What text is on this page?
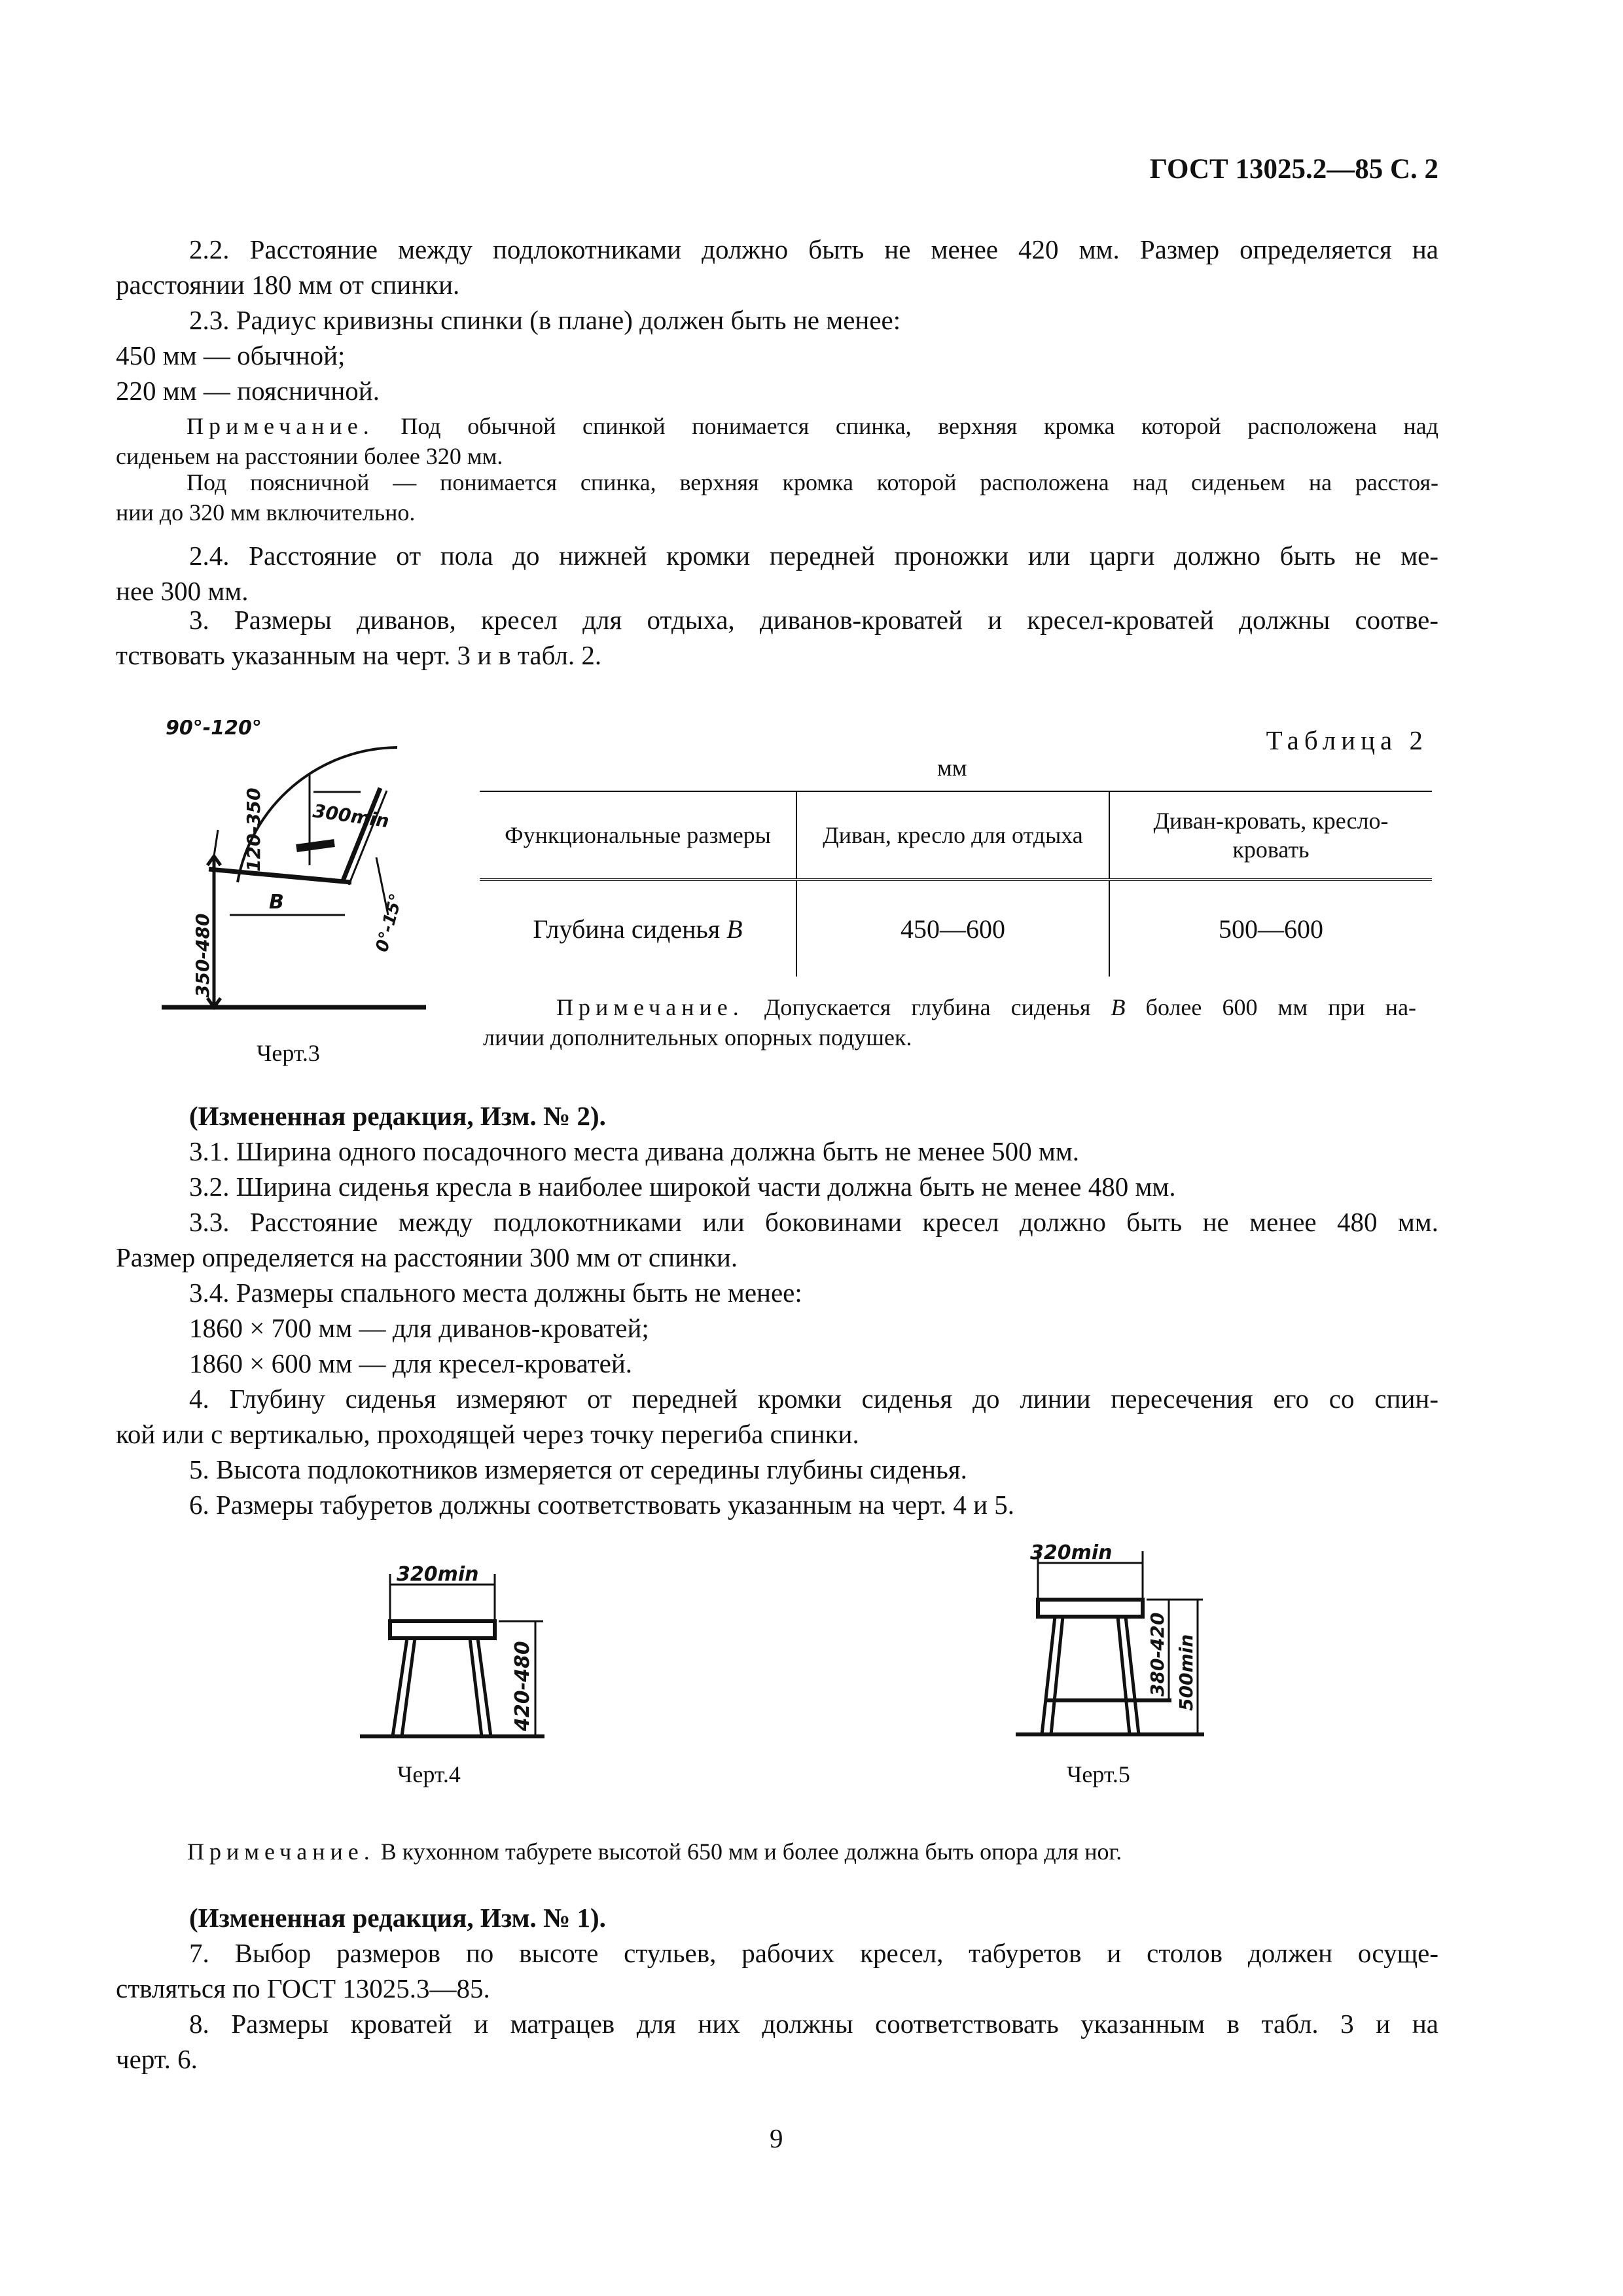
ГОСТ 13025.2—85 С. 2

2.2. Расстояние между подлокотниками должно быть не менее 420 мм. Размер определяется на

расстоянии 180 мм от спинки.

2.3. Радиус кривизны спинки (в плане) должен быть не менее:

450 мм — обычной;

220 мм — поясничной.

Примечание. Под обычной спинкой понимается спинка, верхняя кромка которой расположена над

сиденьем на расстоянии более 320 мм.

Под поясничной — понимается спинка, верхняя кромка которой расположена над сиденьем на расстоя-

нии до 320 мм включительно.

2.4. Расстояние от пола до нижней кромки передней проножки или царги должно быть не ме-

нее 300 мм.

3. Размеры диванов, кресел для отдыха, диванов-кроватей и кресел-кроватей должны соотве-

тствовать указанным на черт. 3 и в табл. 2.

90°-120°
120-350	300min
350-480
B	0°-15°

Черт.3

Таблица 2

мм

Функциональные размеры	Диван, кресло для отдыха	Диван-кровать, кресло-кровать
Глубина сиденья В	450—600	500—600

Примечание. Допускается глубина сиденья В более 600 мм при на-

личии дополнительных опорных подушек.

(Измененная редакция, Изм. № 2).

3.1. Ширина одного посадочного места дивана должна быть не менее 500 мм.

3.2. Ширина сиденья кресла в наиболее широкой части должна быть не менее 480 мм.

3.3. Расстояние между подлокотниками или боковинами кресел должно быть не менее 480 мм.

Размер определяется на расстоянии 300 мм от спинки.

3.4. Размеры спального места должны быть не менее:

1860 × 700 мм — для диванов-кроватей;

1860 × 600 мм — для кресел-кроватей.

4. Глубину сиденья измеряют от передней кромки сиденья до линии пересечения его со спин-

кой или с вертикалью, проходящей через точку перегиба спинки.

5. Высота подлокотников измеряется от середины глубины сиденья.

6. Размеры табуретов должны соответствовать указанным на черт. 4 и 5.

320min
420-480

Черт.4

320min
380-420 500min

Черт.5

Примечание. В кухонном табурете высотой 650 мм и более должна быть опора для ног.

(Измененная редакция, Изм. № 1).

7. Выбор размеров по высоте стульев, рабочих кресел, табуретов и столов должен осуще-

ствляться по ГОСТ 13025.3—85.

8. Размеры кроватей и матрацев для них должны соответствовать указанным в табл. 3 и на

черт. 6.

9
